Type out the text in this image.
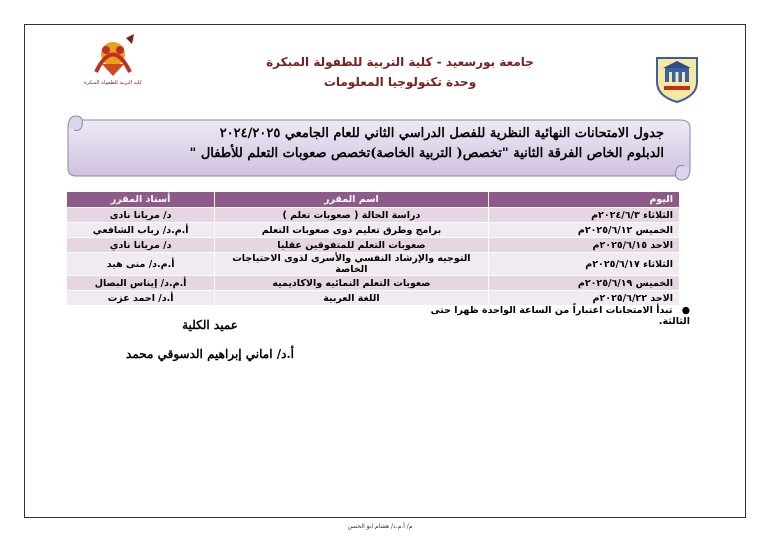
كلية التربية للطفولة المبكرة
جامعة بورسعيد - كلية التربية للطفولة المبكرة
وحدة تكنولوجيا المعلومات
جدول الامتحانات النهائية النظرية للفصل الدراسي الثاني للعام الجامعي ٢٠٢٤/٢٠٢٥
الدبلوم الخاص الفرقة الثانية "تخصص( التربية الخاصة)تخصص صعوبات التعلم للأطفال "
اليوم	اسم المقرر	أستاذ المقرر
الثلاثاء ٢٠٢٤/٦/٣م	دراسة الحالة ( صعوبات تعلم )	د/ مريانا نادى
الخميس ٢٠٢٥/٦/١٢م	برامج وطرق تعليم ذوى صعوبات التعلم	أ.م.د/ رباب الشافعي
الاحد ٢٠٢٥/٦/١٥م	صعوبات التعلم للمتفوقين عقليا	د/ مريانا نادي
الثلاثاء ٢٠٢٥/٦/١٧م	التوجيه والإرشاد النفسي والأسرى لذوى الاحتياجات الخاصة	أ.م.د/ منى هيد
الخميس ٢٠٢٥/٦/١٩م	صعوبات التعلم النمائيه والاكاديميه	أ.م.د/ إيناس البصال
الاحد ٢٠٢٥/٦/٢٢م	اللغة العربية	أ.د/ احمد عزت
● تبدأ الامتحانات اعتباراً من الساعة الواحدة ظهرا حتى الثالثة.
عميد الكلية
أ.د/ اماني إبراهيم الدسوقي محمد
م/ أ.م.د/ هشام ابو الحسن
